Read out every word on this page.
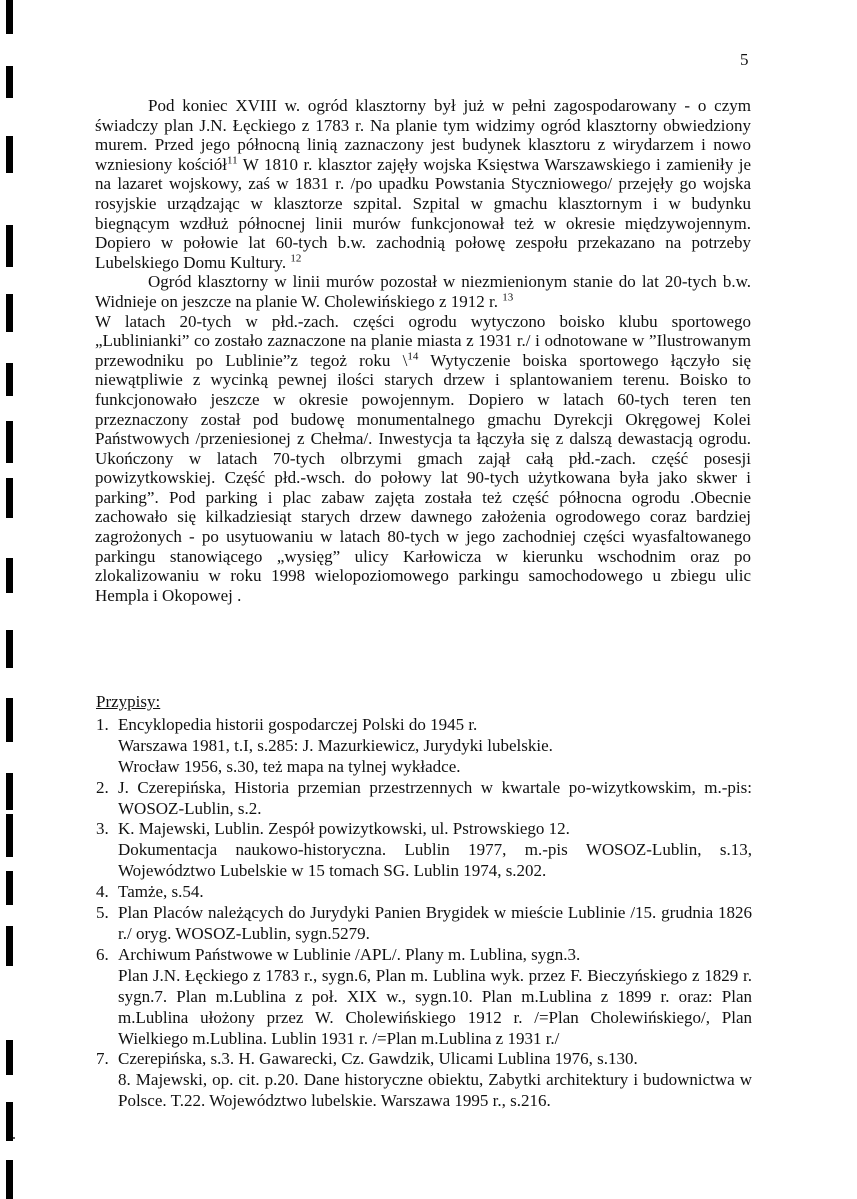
5

Pod koniec XVIII w. ogród klasztorny był już w pełni zagospodarowany - o czym świadczy plan J.N. Łęckiego z 1783 r. Na planie tym widzimy ogród klasztorny obwiedziony murem. Przed jego północną linią zaznaczony jest budynek klasztoru z wirydarzem i nowo wzniesiony kościół$^{11}$ W 1810 r. klasztor zajęły wojska Księstwa Warszawskiego i zamieniły je na lazaret wojskowy, zaś w 1831 r. /po upadku Powstania Styczniowego/ przejęły go wojska rosyjskie urządzając w klasztorze szpital. Szpital w gmachu klasztornym i w budynku biegnącym wzdłuż północnej linii murów funkcjonował też w okresie międzywojennym. Dopiero w połowie lat 60-tych b.w. zachodnią połowę zespołu przekazano na potrzeby Lubelskiego Domu Kultury. $^{12}$

Ogród klasztorny w linii murów pozostał w niezmienionym stanie do lat 20-tych b.w. Widnieje on jeszcze na planie W. Cholewińskiego z 1912 r. $^{13}$

W latach 20-tych w płd.-zach. części ogrodu wytyczono boisko klubu sportowego „Lublinianki” co zostało zaznaczone na planie miasta z 1931 r./ i odnotowane w ”Ilustrowanym przewodniku po Lublinie”z tegoż roku \$^{14}$ Wytyczenie boiska sportowego łączyło się niewątpliwie z wycinką pewnej ilości starych drzew i splantowaniem terenu. Boisko to funkcjonowało jeszcze w okresie powojennym. Dopiero w latach 60-tych teren ten przeznaczony został pod budowę monumentalnego gmachu Dyrekcji Okręgowej Kolei Państwowych /przeniesionej z Chełma/. Inwestycja ta łączyła się z dalszą dewastacją ogrodu. Ukończony w latach 70-tych olbrzymi gmach zajął całą płd.-zach. część posesji powizytkowskiej. Część płd.-wsch. do połowy lat 90-tych użytkowana była jako skwer i parking”. Pod parking i plac zabaw zajęta została też część północna ogrodu .Obecnie zachowało się kilkadziesiąt starych drzew dawnego założenia ogrodowego coraz bardziej zagrożonych - po usytuowaniu w latach 80-tych w jego zachodniej części wyasfaltowanego parkingu stanowiącego „wysięg” ulicy Karłowicza w kierunku wschodnim oraz po zlokalizowaniu w roku 1998 wielopoziomowego parkingu samochodowego u zbiegu ulic Hempla i Okopowej .

Przypisy:

1. Encyklopedia historii gospodarczej Polski do 1945 r.
Warszawa 1981, t.I, s.285: J. Mazurkiewicz, Jurydyki lubelskie.
Wrocław 1956, s.30, też mapa na tylnej wykładce.
2. J. Czerepińska, Historia przemian przestrzennych w kwartale po-wizytkowskim, m.-pis: WOSOZ-Lublin, s.2.
3. K. Majewski, Lublin. Zespół powizytkowski, ul. Pstrowskiego 12.
Dokumentacja naukowo-historyczna. Lublin 1977, m.-pis WOSOZ-Lublin, s.13, Województwo Lubelskie w 15 tomach SG. Lublin 1974, s.202.
4. Tamże, s.54.
5. Plan Placów należących do Jurydyki Panien Brygidek w mieście Lublinie /15. grudnia 1826 r./ oryg. WOSOZ-Lublin, sygn.5279.
6. Archiwum Państwowe w Lublinie /APL/. Plany m. Lublina, sygn.3.
Plan J.N. Łęckiego z 1783 r., sygn.6, Plan m. Lublina wyk. przez F. Bieczyńskiego z 1829 r. sygn.7. Plan m.Lublina z poł. XIX w., sygn.10. Plan m.Lublina z 1899 r. oraz: Plan m.Lublina ułożony przez W. Cholewińskiego 1912 r. /=Plan Cholewińskiego/, Plan Wielkiego m.Lublina. Lublin 1931 r. /=Plan m.Lublina z 1931 r./
7. Czerepińska, s.3. H. Gawarecki, Cz. Gawdzik, Ulicami Lublina 1976, s.130.

8. Majewski, op. cit. p.20. Dane historyczne obiektu, Zabytki architektury i budownictwa w Polsce. T.22. Województwo lubelskie. Warszawa 1995 r., s.216.
